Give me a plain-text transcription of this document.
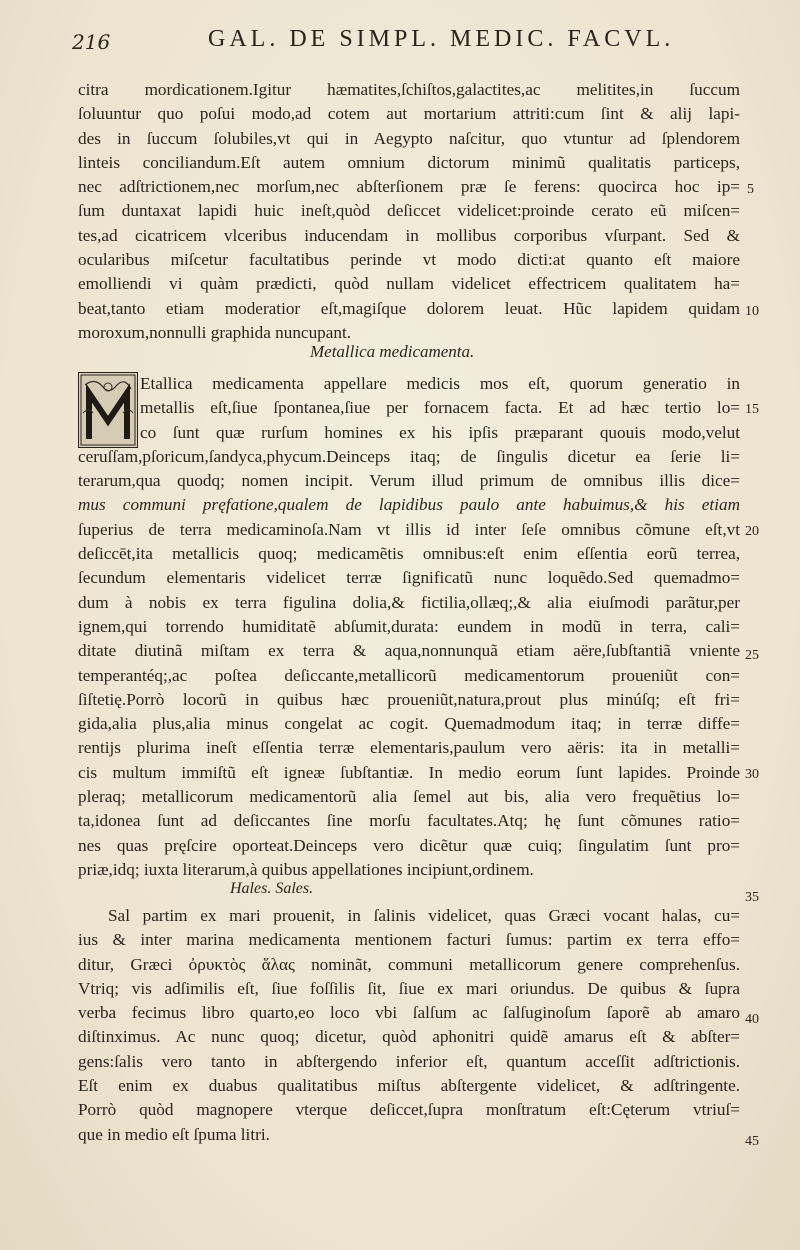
216	GAL. DE SIMPL. MEDIC. FACVL.
citra mordicationem.Igitur hæmatites,ſchiſtos,galactites,ac melitites,in ſuccum
ſoluuntur quo poſui modo,ad cotem aut mortarium attriti:cum ſint & alij lapi-
des in ſuccum ſolubiles,vt qui in Aegypto naſcitur, quo vtuntur ad ſplendorem
linteis conciliandum.Eſt autem omnium dictorum minimũ qualitatis particeps,
nec adſtrictionem,nec morſum,nec abſterſionem præ ſe ferens: quocirca hoc ip=
ſum duntaxat lapidi huic ineſt,quòd deſiccet videlicet:proinde cerato eũ miſcen=
tes,ad cicatricem vlceribus inducendam in mollibus corporibus vſurpant. Sed &
ocularibus miſcetur facultatibus perinde vt modo dicti:at quanto eſt maiore
emolliendi vi quàm prædicti, quòd nullam videlicet effectricem qualitatem ha=
beat,tanto etiam moderatior eſt,magiſque dolorem leuat. Hũc lapidem quidam
moroxum,nonnulli graphida nuncupant.
Metallica medicamenta.
Etallica medicamenta appellare medicis mos eſt, quorum generatio in
metallis eſt,ſiue ſpontanea,ſiue per fornacem facta. Et ad hæc tertio lo=
co ſunt quæ rurſum homines ex his ipſis præparant quouis modo,velut
ceruſſam,pſoricum,ſandyca,phycum.Deinceps itaq; de ſingulis dicetur ea ſerie li=
terarum,qua quodq; nomen incipit. Verum illud primum de omnibus illis dice=
mus communi pręfatione,qualem de lapidibus paulo ante habuimus,& his etiam
ſuperius de terra medicaminoſa.Nam vt illis id inter ſeſe omnibus cõmune eſt,vt
deſiccēt,ita metallicis quoq; medicamẽtis omnibus:eſt enim eſſentia eorũ terrea,
ſecundum elementaris videlicet terræ ſignificatũ nunc loquẽdo.Sed quemadmo=
dum à nobis ex terra figulina dolia,& fictilia,ollæq;,& alia eiuſmodi parãtur,per
ignem,qui torrendo humiditatẽ abſumit,durata: eundem in modũ in terra, cali=
ditate diutinã miſtam ex terra & aqua,nonnunquã etiam aëre,ſubſtantiã vniente
temperantéq;,ac poſtea deſiccante,metallicorũ medicamentorum proueniũt con=
ſiſtetię.Porrò locorũ in quibus hæc proueniũt,natura,prout plus minúſq; eſt fri=
gida,alia plus,alia minus congelat ac cogit. Quemadmodum itaq; in terræ diffe=
rentijs plurima ineſt eſſentia terræ elementaris,paulum vero aëris: ita in metalli=
cis multum immiſtũ eſt igneæ ſubſtantiæ. In medio eorum ſunt lapides. Proinde
pleraq; metallicorum medicamentorũ alia ſemel aut bis, alia vero frequẽtius lo=
ta,idonea ſunt ad deſiccantes ſine morſu facultates.Atq; hę ſunt cõmunes ratio=
nes quas pręſcire oporteat.Deinceps vero dicẽtur quæ cuiq; ſingulatim ſunt pro=
priæ,idq; iuxta literarum,à quibus appellationes incipiunt,ordinem.
Hales. Sales.
Sal partim ex mari prouenit, in ſalinis videlicet, quas Græci vocant halas, cu=
ius & inter marina medicamenta mentionem facturi ſumus: partim ex terra effo=
ditur, Græci ὀρυκτὸς ἅλας nominãt, communi metallicorum genere comprehenſus.
Vtriq; vis adſimilis eſt, ſiue foſſilis ſit, ſiue ex mari oriundus. De quibus & ſupra
verba fecimus libro quarto,eo loco vbi ſalſum ac ſalſuginoſum ſaporẽ ab amaro
diſtinximus. Ac nunc quoq; dicetur, quòd aphonitri quidẽ amarus eſt & abſter=
gens:ſalis vero tanto in abſtergendo inferior eſt, quantum acceſſit adſtrictionis.
Eſt enim ex duabus qualitatibus miſtus abſtergente videlicet, & adſtringente.
Porrò quòd magnopere vterque deſiccet,ſupra monſtratum eſt:Cęterum vtriuſ=
que in medio eſt ſpuma litri.
5
10
15
20
25
30
35
40
45
